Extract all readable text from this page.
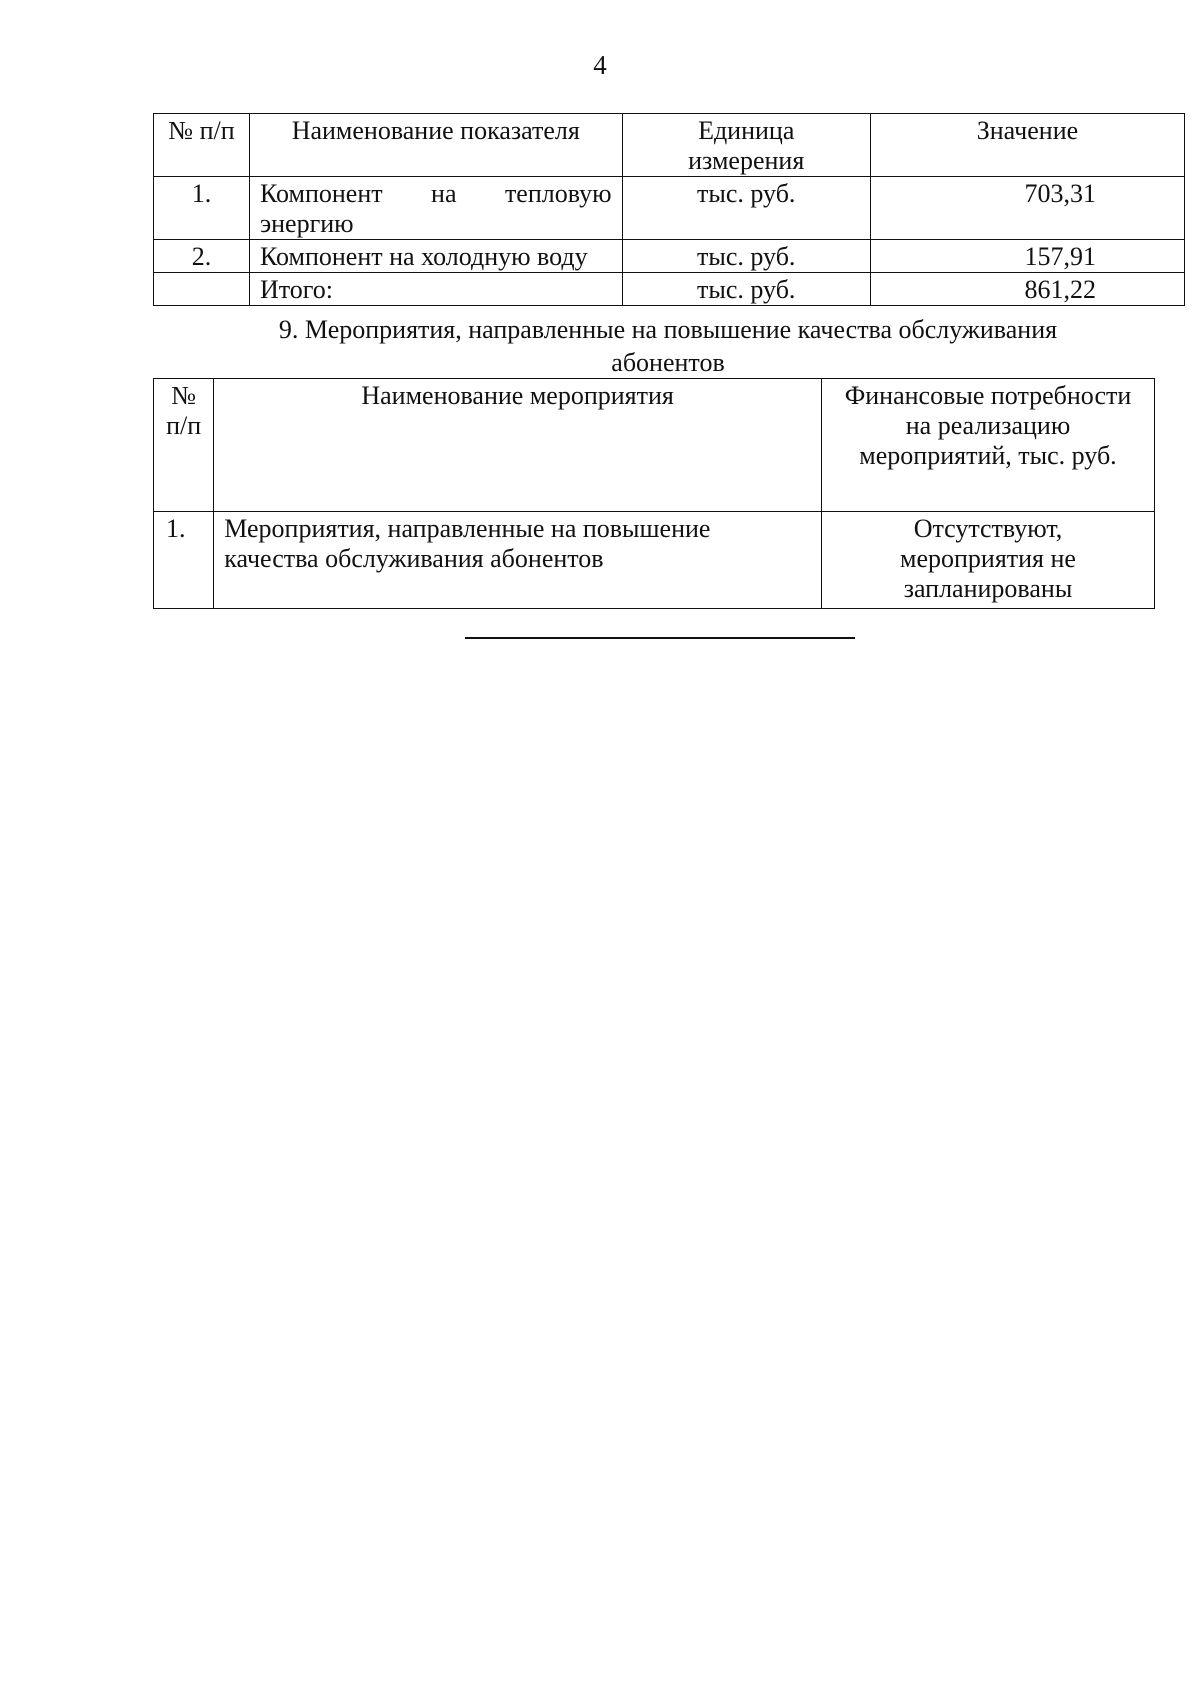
4
№ п/п	Наименование показателя	Единица измерения	Значение
1.	Компонент на тепловую энергию	тыс. руб.	703,31
2.	Компонент на холодную воду	тыс. руб.	157,91
	Итого:	тыс. руб.	861,22
9. Мероприятия, направленные на повышение качества обслуживания абонентов
№ п/п	Наименование мероприятия	Финансовые потребности на реализацию мероприятий, тыс. руб.
1.	Мероприятия, направленные на повышение качества обслуживания абонентов	Отсутствуют, мероприятия не запланированы
